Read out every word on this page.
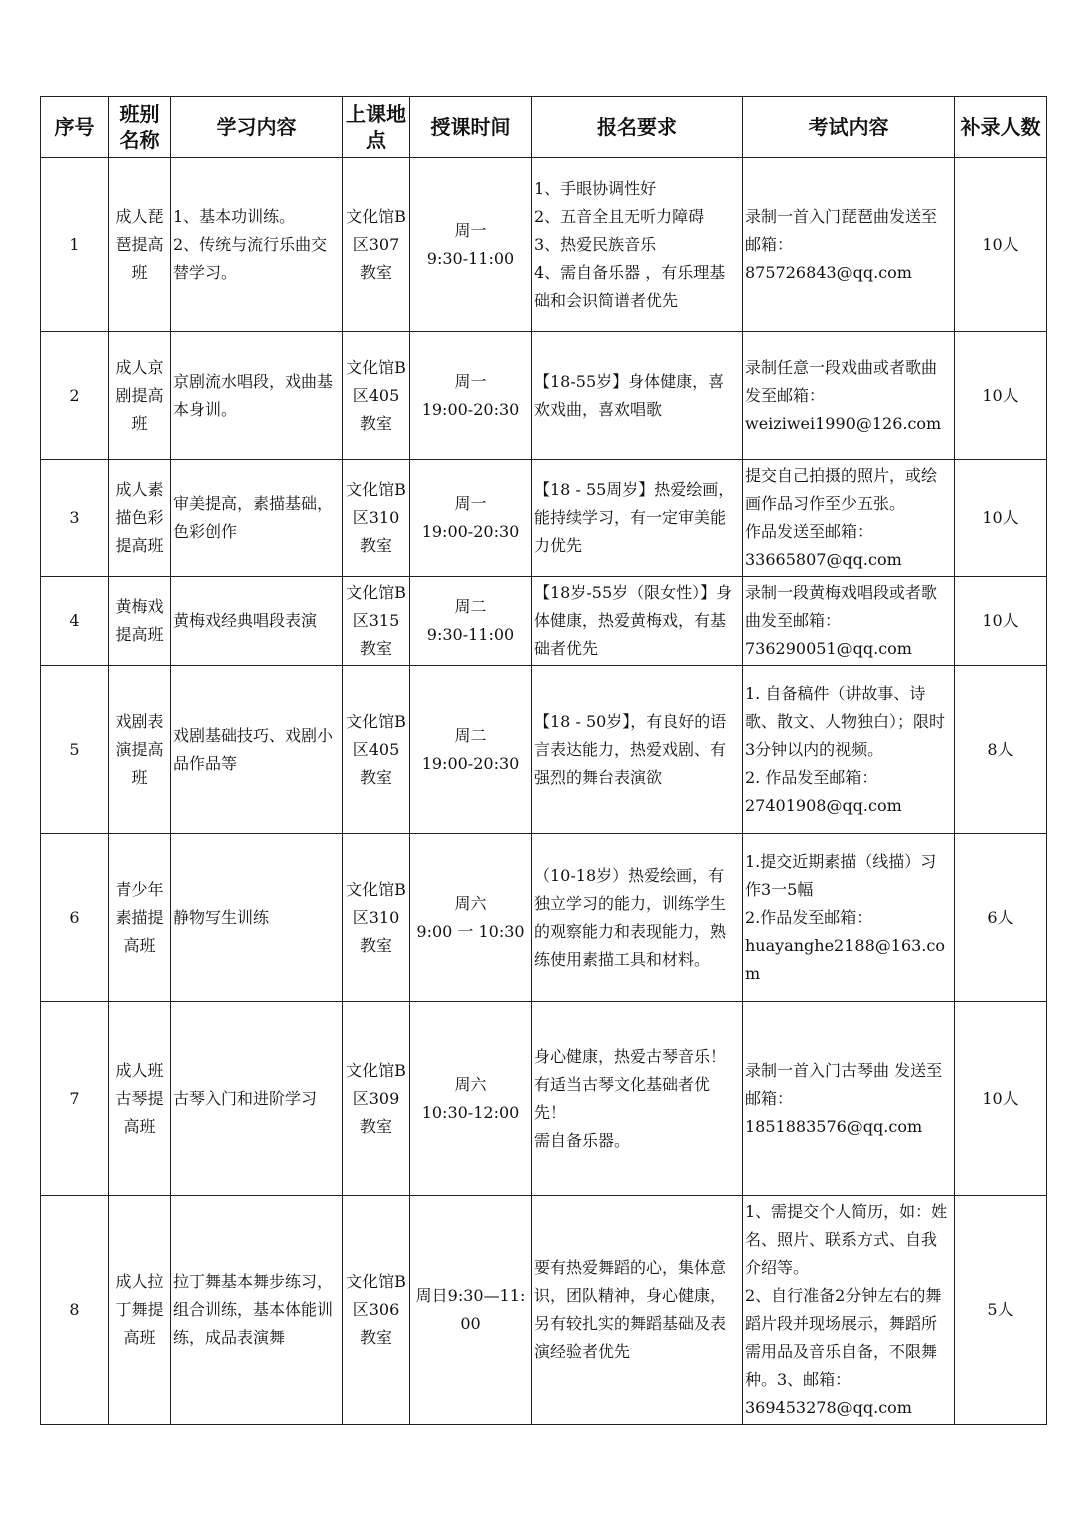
序号	班别名称	学习内容	上课地点	授课时间	报名要求	考试内容	补录人数
1	成人琵琶提高班	1、基本功训练。
2、传统与流行乐曲交替学习。	文化馆B区307教室	周一
9:30-11:00	1、手眼协调性好
2、五音全且无听力障碍
3、热爱民族音乐
4、需自备乐器 ，有乐理基础和会识简谱者优先	录制一首入门琵琶曲发送至邮箱：
875726843@qq.com	10人
2	成人京剧提高班	京剧流水唱段，戏曲基本身训。	文化馆B区405教室	周一
19:00-20:30	【18-55岁】身体健康，喜欢戏曲，喜欢唱歌	录制任意一段戏曲或者歌曲发至邮箱：
weiziwei1990@126.com	10人
3	成人素描色彩提高班	审美提高，素描基础，色彩创作	文化馆B区310教室	周一
19:00-20:30	【18 - 55周岁】热爱绘画，能持续学习，有一定审美能力优先	提交自己拍摄的照片，或绘画作品习作至少五张。
作品发送至邮箱：
33665807@qq.com	10人
4	黄梅戏提高班	黄梅戏经典唱段表演	文化馆B区315教室	周二
9:30-11:00	【18岁-55岁（限女性）】身体健康，热爱黄梅戏，有基础者优先	录制一段黄梅戏唱段或者歌曲发至邮箱：
736290051@qq.com	10人
5	戏剧表演提高班	戏剧基础技巧、戏剧小品作品等	文化馆B区405教室	周二
19:00-20:30	【18 - 50岁】，有良好的语言表达能力，热爱戏剧、有强烈的舞台表演欲	1. 自备稿件（讲故事、诗歌、散文、人物独白）；限时3分钟以内的视频。
2. 作品发至邮箱：
27401908@qq.com	8人
6	青少年素描提高班	静物写生训练	文化馆B区310教室	周六
9:00 一 10:30	（10-18岁）热爱绘画，有独立学习的能力，训练学生的观察能力和表现能力，熟练使用素描工具和材料。	1.提交近期素描（线描）习作3一5幅
2.作品发至邮箱：
huayanghe2188@163.com	6人
7	成人班古琴提高班	古琴入门和进阶学习	文化馆B区309教室	周六
10:30-12:00	身心健康，热爱古琴音乐！有适当古琴文化基础者优先！
需自备乐器。	录制一首入门古琴曲 发送至邮箱：
1851883576@qq.com	10人
8	成人拉丁舞提高班	拉丁舞基本舞步练习，组合训练，基本体能训练，成品表演舞	文化馆B区306教室	周日9:30—11:00	要有热爱舞蹈的心，集体意识，团队精神，身心健康，另有较扎实的舞蹈基础及表演经验者优先	1、需提交个人简历，如：姓名、照片、联系方式、自我介绍等。
2、自行准备2分钟左右的舞蹈片段并现场展示，舞蹈所需用品及音乐自备，不限舞种。3、邮箱：
369453278@qq.com	5人
